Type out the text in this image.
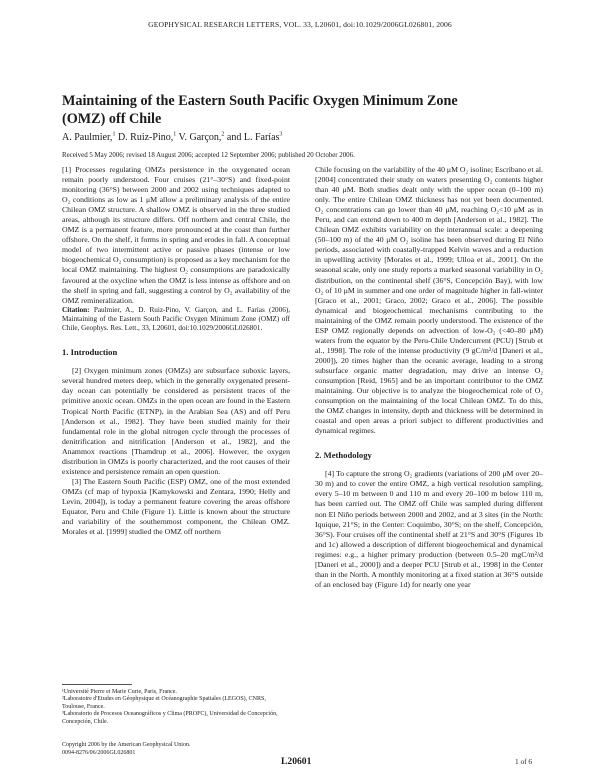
GEOPHYSICAL RESEARCH LETTERS, VOL. 33, L20601, doi:10.1029/2006GL026801, 2006
Maintaining of the Eastern South Pacific Oxygen Minimum Zone
(OMZ) off Chile
A. Paulmier,$^1$ D. Ruiz-Pino,$^1$ V. Garçon,$^2$ and L. Farías$^3$
Received 5 May 2006; revised 18 August 2006; accepted 12 September 2006; published 20 October 2006.

[1] Processes regulating OMZs persistence in the oxygenated ocean remain poorly understood. Four cruises (21°–30°S) and fixed-point monitoring (36°S) between 2000 and 2002 using techniques adapted to O₂ conditions as low as 1 μM allow a preliminary analysis of the entire Chilean OMZ structure. A shallow OMZ is observed in the three studied areas, although its structure differs. Off northern and central Chile, the OMZ is a permanent feature, more pronounced at the coast than further offshore. On the shelf, it forms in spring and erodes in fall. A conceptual model of two intermittent active or passive phases (intense or low biogeochemical O₂ consumption) is proposed as a key mechanism for the local OMZ maintaining. The highest O₂ consumptions are paradoxically favoured at the oxycline when the OMZ is less intense as offshore and on the shelf in spring and fall, suggesting a control by O₂ availability of the OMZ remineralization.

Citation: Paulmier, A., D. Ruiz-Pino, V. Garçon, and L. Farías (2006), Maintaining of the Eastern South Pacific Oxygen Minimum Zone (OMZ) off Chile, Geophys. Res. Lett., 33, L20601, doi:10.1029/2006GL026801.

1. Introduction

[2] Oxygen minimum zones (OMZs) are subsurface suboxic layers, several hundred meters deep, which in the generally oxygenated present-day ocean can potentially be considered as persistent traces of the primitive anoxic ocean. OMZs in the open ocean are found in the Eastern Tropical North Pacific (ETNP), in the Arabian Sea (AS) and off Peru [Anderson et al., 1982]. They have been studied mainly for their fundamental role in the global nitrogen cycle through the processes of denitrification and nitrification [Anderson et al., 1982], and the Anammox reactions [Thamdrup et al., 2006]. However, the oxygen distribution in OMZs is poorly characterized, and the root causes of their existence and persistence remain an open question.

[3] The Eastern South Pacific (ESP) OMZ, one of the most extended OMZs (cf map of hypoxia [Kamykowski and Zentara, 1990; Helly and Levin, 2004]), is today a permanent feature covering the areas offshore Equator, Peru and Chile (Figure 1). Little is known about the structure and variability of the southernmost component, the Chilean OMZ. Morales et al. [1999] studied the OMZ off northern

Chile focusing on the variability of the 40 μM O₂ isoline; Escribano et al. [2004] concentrated their study on waters presenting O₂ contents higher than 40 μM. Both studies dealt only with the upper ocean (0–100 m) only. The entire Chilean OMZ thickness has not yet been documented. O₂ concentrations can go lower than 40 μM, reaching O₂<10 μM as in Peru, and can extend down to 400 m depth [Anderson et al., 1982]. The Chilean OMZ exhibits variability on the interannual scale: a deepening (50–100 m) of the 40 μM O₂ isoline has been observed during El Niño periods, associated with coastally-trapped Kelvin waves and a reduction in upwelling activity [Morales et al., 1999; Ulloa et al., 2001]. On the seasonal scale, only one study reports a marked seasonal variability in O₂ distribution, on the continental shelf (36°S, Concepción Bay), with low O₂ of 10 μM in summer and one order of magnitude higher in fall-winter [Graco et al., 2001; Graco, 2002; Graco et al., 2006]. The possible dynamical and biogeochemical mechanisms contributing to the maintaining of the OMZ remain poorly understood. The existence of the ESP OMZ regionally depends on advection of low-O₂ (<40–80 μM) waters from the equator by the Peru-Chile Undercurrent (PCU) [Strub et al., 1998]. The role of the intense productivity (9 gC/m²/d [Daneri et al., 2000]), 20 times higher than the oceanic average, leading to a strong subsurface organic matter degradation, may drive an intense O₂ consumption [Reid, 1965] and be an important contributor to the OMZ maintaining. Our objective is to analyze the biogeochemical role of O₂ consumption on the maintaining of the local Chilean OMZ. To do this, the OMZ changes in intensity, depth and thickness will be determined in coastal and open areas a priori subject to different productivities and dynamical regimes.

2. Methodology

[4] To capture the strong O₂ gradients (variations of 200 μM over 20–30 m) and to cover the entire OMZ, a high vertical resolution sampling, every 5–10 m between 0 and 110 m and every 20–100 m below 110 m, has been carried out. The OMZ off Chile was sampled during different non El Niño periods between 2000 and 2002, and at 3 sites (in the North: Iquique, 21°S; in the Center: Coquimbo, 30°S; on the shelf, Concepción, 36°S). Four cruises off the continental shelf at 21°S and 30°S (Figures 1b and 1c) allowed a description of different biogeochemical and dynamical regimes: e.g., a higher primary production (between 0.5–20 mgC/m²/d [Daneri et al., 2000]) and a deeper PCU [Strub et al., 1998] in the Center than in the North. A monthly monitoring at a fixed station at 36°S outside of an enclosed bay (Figure 1d) for nearly one year

¹Université Pierre et Marie Curie, Paris, France.

²Laboratoire d'Etudes en Géophysique et Océanographie Spatiales (LEGOS), CNRS, Toulouse, France.

³Laboratorio de Procesos Oceanográficos y Clima (PROFC), Universidad de Concepción, Concepción, Chile.

Copyright 2006 by the American Geophysical Union.
0094-8276/06/2006GL026801
L20601	1 of 6
